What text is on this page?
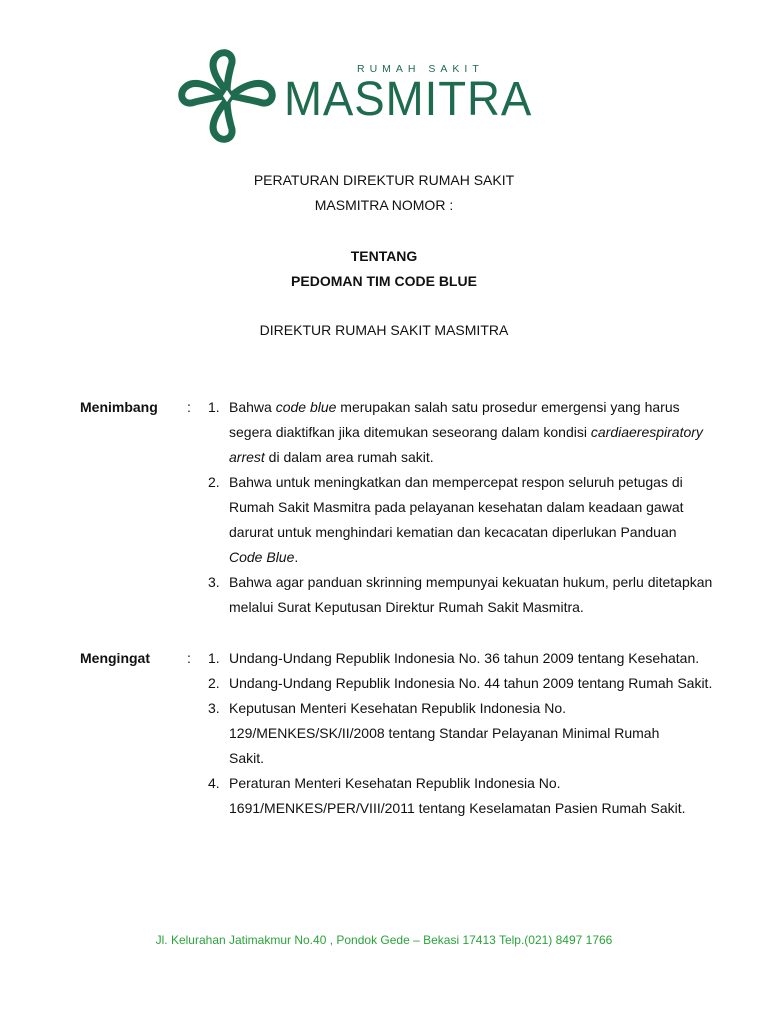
RUMAH SAKIT
MASMITRA
PERATURAN DIREKTUR RUMAH SAKIT
MASMITRA NOMOR :
TENTANG
PEDOMAN TIM CODE BLUE
DIREKTUR RUMAH SAKIT MASMITRA
Menimbang : 1. Bahwa code blue merupakan salah satu prosedur emergensi yang harus
segera diaktifkan jika ditemukan seseorang dalam kondisi cardiaerespiratory
arrest di dalam area rumah sakit.
2. Bahwa untuk meningkatkan dan mempercepat respon seluruh petugas di
Rumah Sakit Masmitra pada pelayanan kesehatan dalam keadaan gawat
darurat untuk menghindari kematian dan kecacatan diperlukan Panduan
Code Blue.
3. Bahwa agar panduan skrinning mempunyai kekuatan hukum, perlu ditetapkan
melalui Surat Keputusan Direktur Rumah Sakit Masmitra.
Mengingat	: 1. Undang-Undang Republik Indonesia No. 36 tahun 2009 tentang Kesehatan.
2. Undang-Undang Republik Indonesia No. 44 tahun 2009 tentang Rumah Sakit.
3. Keputusan Menteri Kesehatan Republik Indonesia No.
129/MENKES/SK/II/2008 tentang Standar Pelayanan Minimal Rumah
Sakit.
4. Peraturan Menteri Kesehatan Republik Indonesia No.
1691/MENKES/PER/VIII/2011 tentang Keselamatan Pasien Rumah Sakit.
Jl. Kelurahan Jatimakmur No.40 , Pondok Gede – Bekasi 17413 Telp.(021) 8497 1766
